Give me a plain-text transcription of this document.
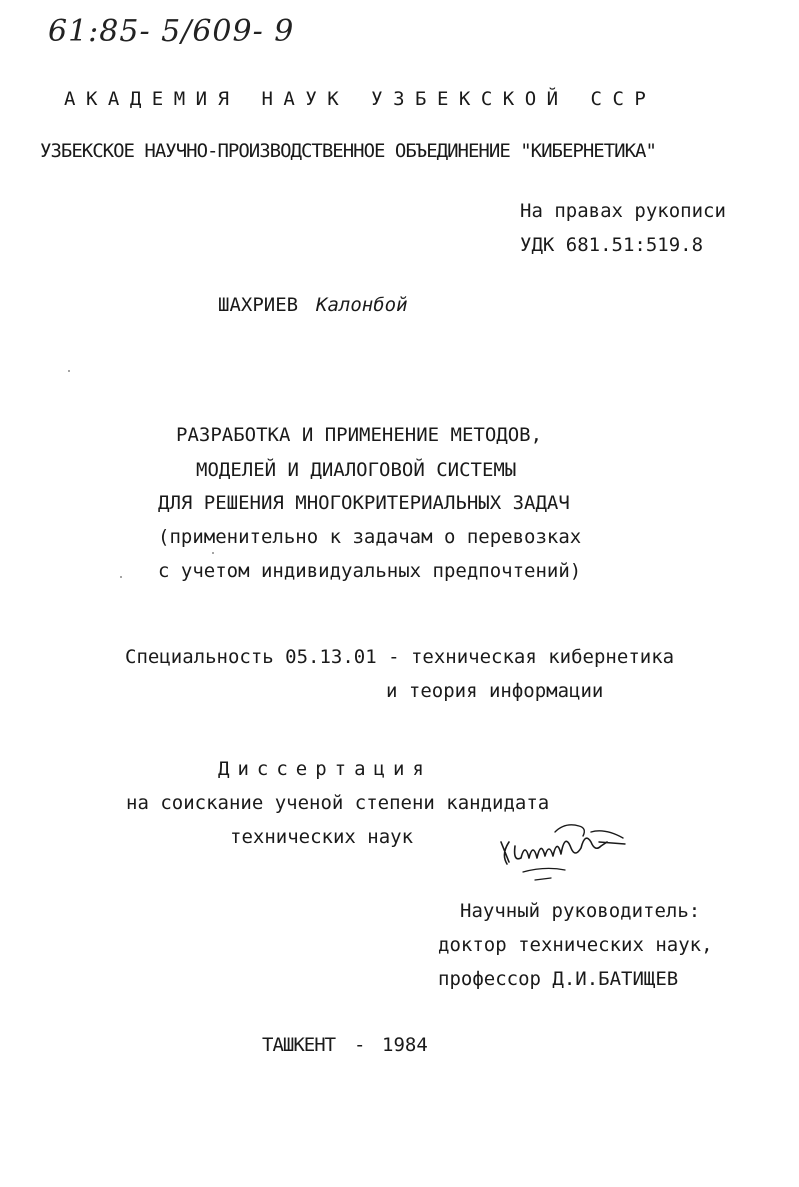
61:85- 5/609- 9
АКАДЕМИЯ НАУК УЗБЕКСКОЙ ССР
УЗБЕКСКОЕ НАУЧНО-ПРОИЗВОДСТВЕННОЕ ОБЪЕДИНЕНИЕ "КИБЕРНЕТИКА"
На правах рукописи
УДК 681.51:519.8
ШАХРИЕВ Калонбой
РАЗРАБОТКА И ПРИМЕНЕНИЕ МЕТОДОВ,
МОДЕЛЕЙ И ДИАЛОГОВОЙ СИСТЕМЫ
ДЛЯ РЕШЕНИЯ МНОГОКРИТЕРИАЛЬНЫХ ЗАДАЧ
(применительно к задачам о перевозках
с учетом индивидуальных предпочтений)
Специальность 05.13.01 - техническая кибернетика
и теория информации
Диссертация
на соискание ученой степени кандидата
технических наук
Научный руководитель:
доктор технических наук,
профессор Д.И.БАТИЩЕВ
ТАШКЕНТ - 1984
